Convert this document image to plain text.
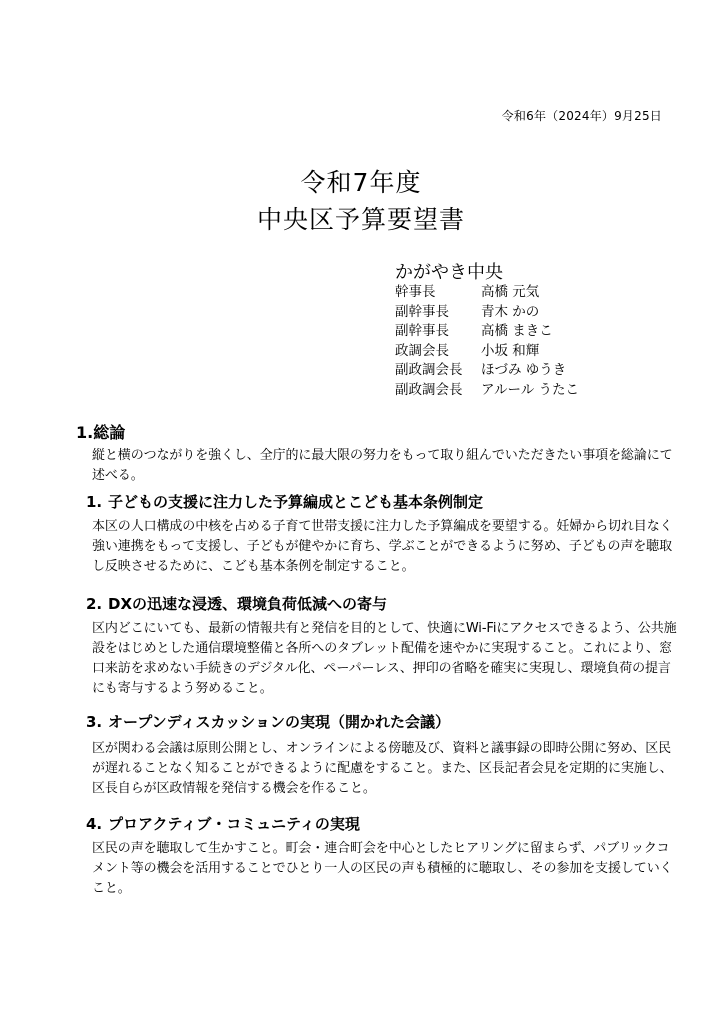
令和6年（2024年）9月25日
令和7年度
中央区予算要望書
かがやき中央
幹事長	高橋 元気
副幹事長	青木 かの
副幹事長	高橋 まきこ
政調会長	小坂 和輝
副政調会長	ほづみ ゆうき
副政調会長	アルール うたこ
1.総論
縦と横のつながりを強くし、全庁的に最大限の努力をもって取り組んでいただきたい事項を総論にて述べる。
1. 子どもの支援に注力した予算編成とこども基本条例制定
本区の人口構成の中核を占める子育て世帯支援に注力した予算編成を要望する。妊婦から切れ目なく強い連携をもって支援し、子どもが健やかに育ち、学ぶことができるように努め、子どもの声を聴取し反映させるために、こども基本条例を制定すること。
2. DXの迅速な浸透、環境負荷低減への寄与
区内どこにいても、最新の情報共有と発信を目的として、快適にWi-Fiにアクセスできるよう、公共施設をはじめとした通信環境整備と各所へのタブレット配備を速やかに実現すること。これにより、窓口来訪を求めない手続きのデジタル化、ペーパーレス、押印の省略を確実に実現し、環境負荷の提言にも寄与するよう努めること。
3. オープンディスカッションの実現（開かれた会議）
区が関わる会議は原則公開とし、オンラインによる傍聴及び、資料と議事録の即時公開に努め、区民が遅れることなく知ることができるように配慮をすること。また、区長記者会見を定期的に実施し、区長自らが区政情報を発信する機会を作ること。
4. プロアクティブ・コミュニティの実現
区民の声を聴取して生かすこと。町会・連合町会を中心としたヒアリングに留まらず、パブリックコメント等の機会を活用することでひとり一人の区民の声も積極的に聴取し、その参加を支援していくこと。
